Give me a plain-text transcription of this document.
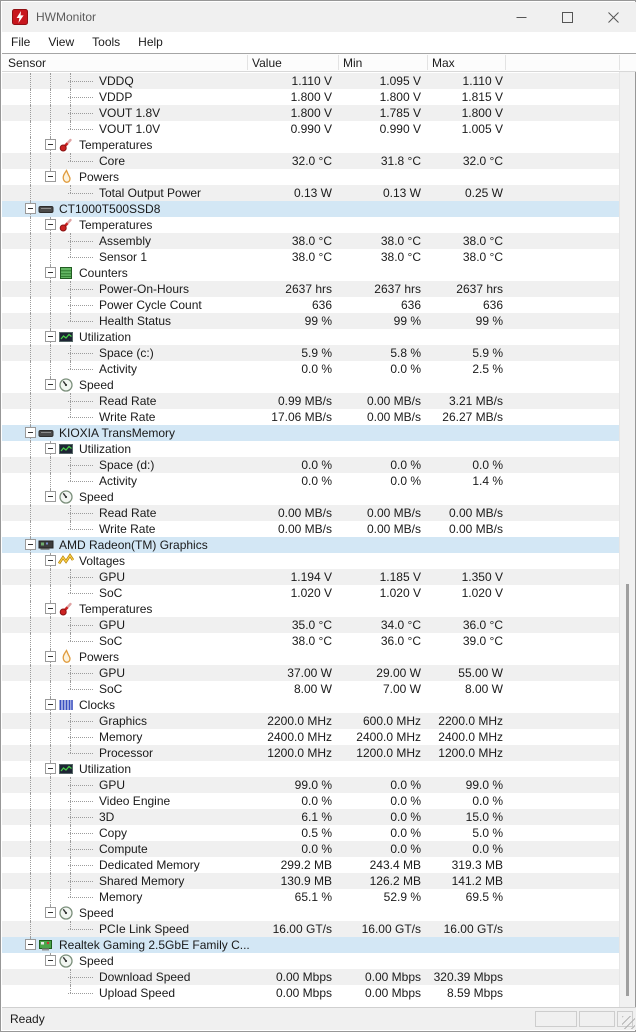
HWMonitor
File	View	Tools	Help
Sensor	Value	Min	Max
VDDQ	1.110 V	1.095 V	1.110 V
VDDP	1.800 V	1.800 V	1.815 V
VOUT 1.8V	1.800 V	1.785 V	1.800 V
VOUT 1.0V	0.990 V	0.990 V	1.005 V
Temperatures
Core	32.0 °C	31.8 °C	32.0 °C
Powers
Total Output Power	0.13 W	0.13 W	0.25 W
CT1000T500SSD8
Temperatures
Assembly	38.0 °C	38.0 °C	38.0 °C
Sensor 1	38.0 °C	38.0 °C	38.0 °C
Counters
Power-On-Hours	2637 hrs	2637 hrs	2637 hrs
Power Cycle Count	636	636	636
Health Status	99 %	99 %	99 %
Utilization
Space (c:)	5.9 %	5.8 %	5.9 %
Activity	0.0 %	0.0 %	2.5 %
Speed
Read Rate	0.99 MB/s	0.00 MB/s	3.21 MB/s
Write Rate	17.06 MB/s	0.00 MB/s	26.27 MB/s
KIOXIA TransMemory
Utilization
Space (d:)	0.0 %	0.0 %	0.0 %
Activity	0.0 %	0.0 %	1.4 %
Speed
Read Rate	0.00 MB/s	0.00 MB/s	0.00 MB/s
Write Rate	0.00 MB/s	0.00 MB/s	0.00 MB/s
AMD Radeon(TM) Graphics
Voltages
GPU	1.194 V	1.185 V	1.350 V
SoC	1.020 V	1.020 V	1.020 V
Temperatures
GPU	35.0 °C	34.0 °C	36.0 °C
SoC	38.0 °C	36.0 °C	39.0 °C
Powers
GPU	37.00 W	29.00 W	55.00 W
SoC	8.00 W	7.00 W	8.00 W
Clocks
Graphics	2200.0 MHz	600.0 MHz	2200.0 MHz
Memory	2400.0 MHz	2400.0 MHz	2400.0 MHz
Processor	1200.0 MHz	1200.0 MHz	1200.0 MHz
Utilization
GPU	99.0 %	0.0 %	99.0 %
Video Engine	0.0 %	0.0 %	0.0 %
3D	6.1 %	0.0 %	15.0 %
Copy	0.5 %	0.0 %	5.0 %
Compute	0.0 %	0.0 %	0.0 %
Dedicated Memory	299.2 MB	243.4 MB	319.3 MB
Shared Memory	130.9 MB	126.2 MB	141.2 MB
Memory	65.1 %	52.9 %	69.5 %
Speed
PCIe Link Speed	16.00 GT/s	16.00 GT/s	16.00 GT/s
Realtek Gaming 2.5GbE Family C...
Speed
Download Speed	0.00 Mbps	0.00 Mbps	320.39 Mbps
Upload Speed	0.00 Mbps	0.00 Mbps	8.59 Mbps
Ready
